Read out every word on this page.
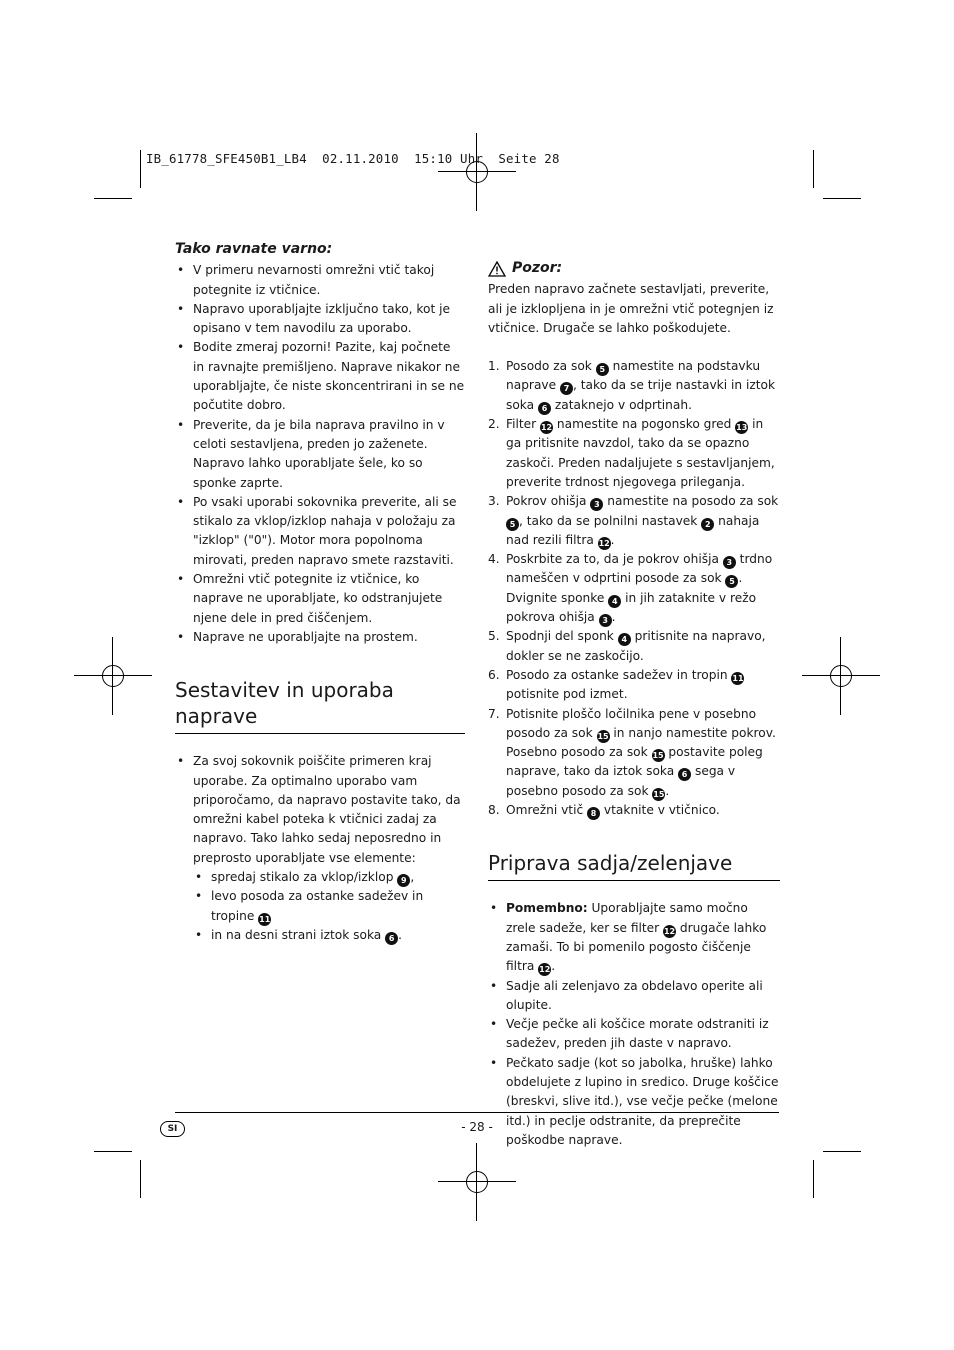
IB_61778_SFE450B1_LB4  02.11.2010  15:10 Uhr  Seite 28
Tako ravnate varno:
• V primeru nevarnosti omrežni vtič takoj potegnite iz vtičnice.
• Napravo uporabljajte izključno tako, kot je opisano v tem navodilu za uporabo.
• Bodite zmeraj pozorni! Pazite, kaj počnete in ravnajte premišljeno. Naprave nikakor ne uporabljajte, če niste skoncentrirani in se ne počutite dobro.
• Preverite, da je bila naprava pravilno in v celoti sestavljena, preden jo zaženete. Napravo lahko uporabljate šele, ko so sponke zaprte.
• Po vsaki uporabi sokovnika preverite, ali se stikalo za vklop/izklop nahaja v položaju za "izklop" ("0"). Motor mora popolnoma mirovati, preden napravo smete razstaviti.
• Omrežni vtič potegnite iz vtičnice, ko naprave ne uporabljate, ko odstranjujete njene dele in pred čiščenjem.
• Naprave ne uporabljajte na prostem.
Sestavitev in uporaba naprave
• Za svoj sokovnik poiščite primeren kraj uporabe. Za optimalno uporabo vam priporočamo, da napravo postavite tako, da omrežni kabel poteka k vtičnici zadaj za napravo. Tako lahko sedaj neposredno in preprosto uporabljate vse elemente:
• spredaj stikalo za vklop/izklop 9 ,
• levo posoda za ostanke sadežev in tropine 11
• in na desni strani iztok soka 6 .
Pozor:
Preden napravo začnete sestavljati, preverite, ali je izklopljena in je omrežni vtič potegnjen iz vtičnice. Drugače se lahko poškodujete.
1. Posodo za sok 5 namestite na podstavku naprave 7 , tako da se trije nastavki in iztok soka 6 zataknejo v odprtinah.
2. Filter 12 namestite na pogonsko gred 13 in ga pritisnite navzdol, tako da se opazno zaskoči. Preden nadaljujete s sestavljanjem, preverite trdnost njegovega prileganja.
3. Pokrov ohišja 3 namestite na posodo za sok 5 , tako da se polnilni nastavek 2 nahaja nad rezili filtra 12.
4. Poskrbite za to, da je pokrov ohišja 3 trdno nameščen v odprtini posode za sok 5 . Dvignite sponke 4 in jih zataknite v režo pokrova ohišja 3 .
5. Spodnji del sponk 4 pritisnite na napravo, dokler se ne zaskočijo.
6. Posodo za ostanke sadežev in tropin 11 potisnite pod izmet.
7. Potisnite ploščo ločilnika pene v posebno posodo za sok 15 in nanjo namestite pokrov. Posebno posodo za sok 15 postavite poleg naprave, tako da iztok soka 6 sega v posebno posodo za sok 15.
8. Omrežni vtič 8 vtaknite v vtičnico.
Priprava sadja/zelenjave
• Pomembno: Uporabljajte samo močno zrele sadeže, ker se filter 12 drugače lahko zamaši. To bi pomenilo pogosto čiščenje filtra 12.
• Sadje ali zelenjavo za obdelavo operite ali olupite.
• Večje pečke ali koščice morate odstraniti iz sadežev, preden jih daste v napravo.
• Pečkato sadje (kot so jabolka, hruške) lahko obdelujete z lupino in sredico. Druge koščice (breskvi, slive itd.), vse večje pečke (melone itd.) in peclje odstranite, da preprečite poškodbe naprave.
SI	- 28 -
